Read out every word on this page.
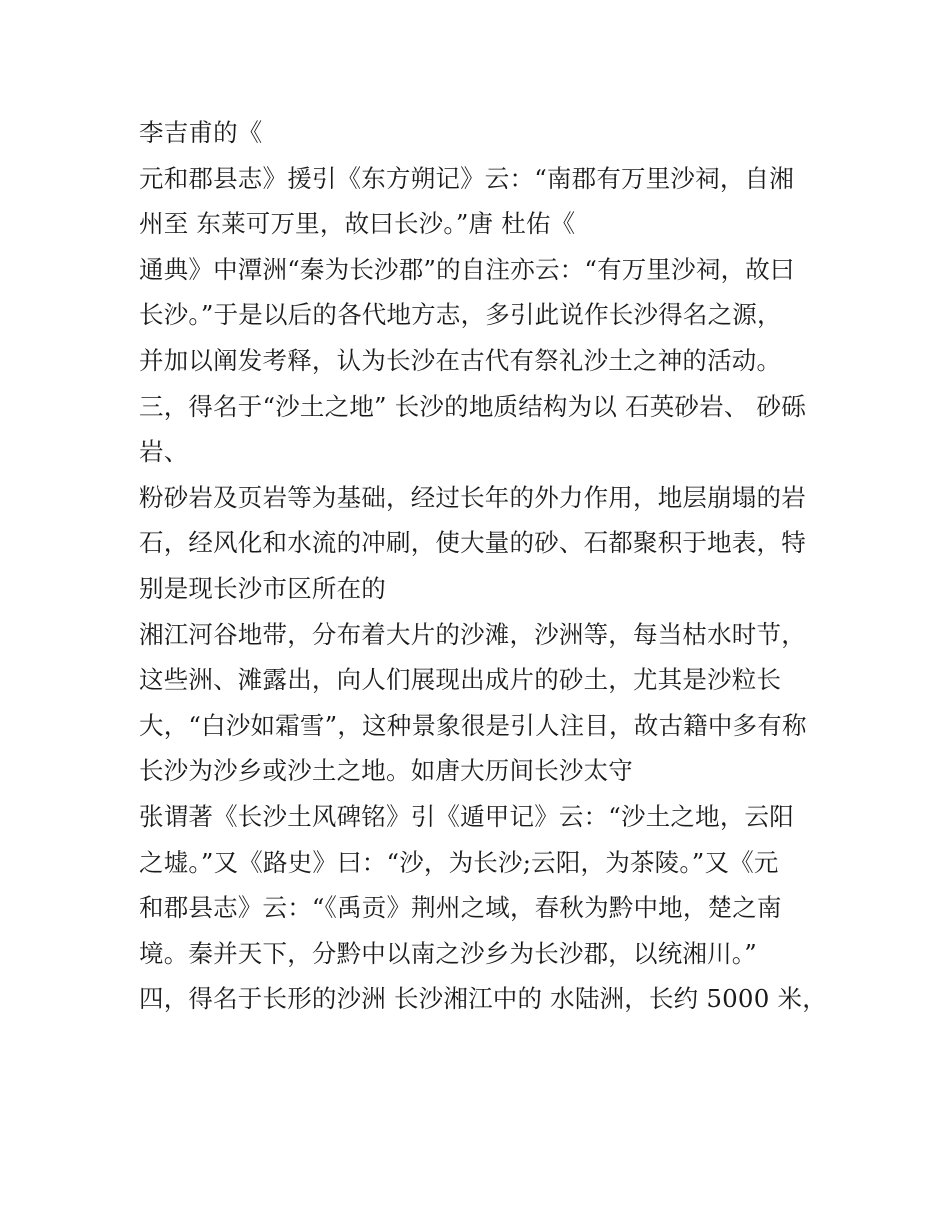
李吉甫的《
元和郡县志》援引《东方朔记》云：“南郡有万里沙祠，自湘
州至 东莱可万里，故曰长沙。”唐 杜佑《
通典》中潭洲“秦为长沙郡”的自注亦云：“有万里沙祠，故曰
长沙。”于是以后的各代地方志，多引此说作长沙得名之源，
并加以阐发考释，认为长沙在古代有祭礼沙土之神的活动。
三，得名于“沙土之地” 长沙的地质结构为以 石英砂岩、 砂砾
岩、
粉砂岩及页岩等为基础，经过长年的外力作用，地层崩塌的岩
石，经风化和水流的冲刷，使大量的砂、石都聚积于地表，特
别是现长沙市区所在的
湘江河谷地带，分布着大片的沙滩，沙洲等，每当枯水时节，
这些洲、滩露出，向人们展现出成片的砂土，尤其是沙粒长
大，“白沙如霜雪”，这种景象很是引人注目，故古籍中多有称
长沙为沙乡或沙土之地。如唐大历间长沙太守
张谓著《长沙土风碑铭》引《遁甲记》云：“沙土之地，云阳
之墟。”又《路史》曰：“沙，为长沙;云阳，为茶陵。”又《元
和郡县志》云：“《禹贡》荆州之域，春秋为黔中地，楚之南
境。秦并天下，分黔中以南之沙乡为长沙郡，以统湘川。”
四，得名于长形的沙洲 长沙湘江中的 水陆洲，长约 5000 米，
